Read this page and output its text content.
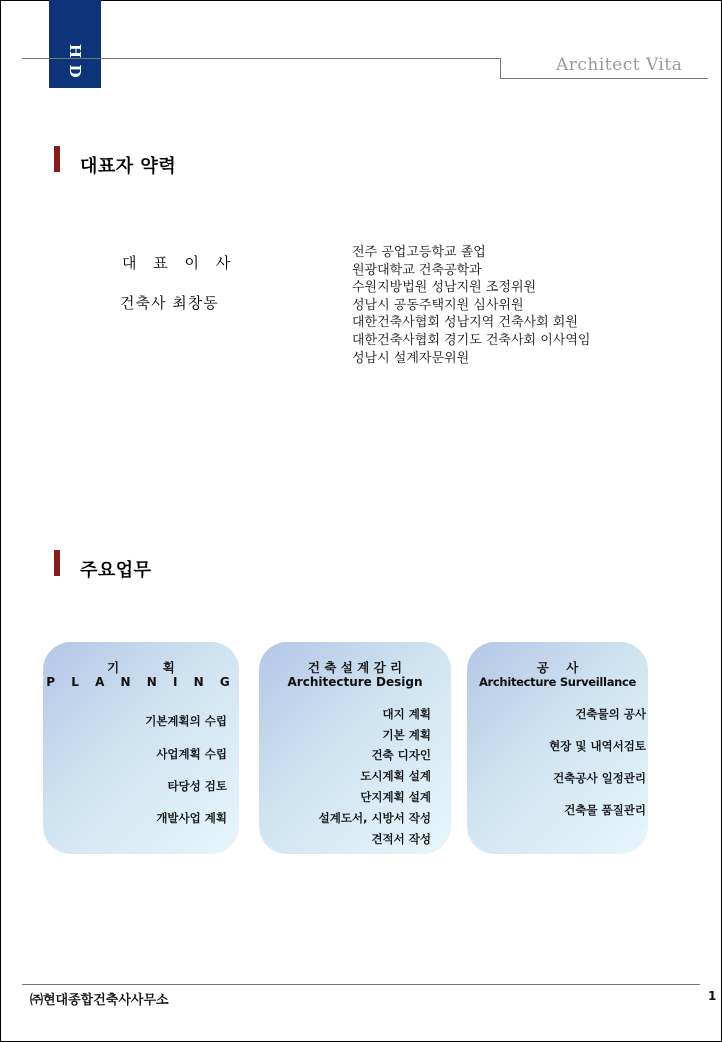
H
D	Architect Vita
대표자 약력
대 표 이 사
건축사 최창동
전주 공업고등학교 졸업
원광대학교 건축공학과
수원지방법원 성남지원 조정위원
성남시 공동주택지원 심사위원
대한건축사협회 성남지역 건축사회 회원
대한건축사협회 경기도 건축사회 이사역임
성남시 설계자문위원
주요업무
기          획
P L A N N I N G
기본계획의 수립
사업계획 수립
타당성 검토
개발사업 계획
건 축 설 계 감 리
Architecture Design
대지 계획
기본 계획
건축 디자인
도시계획 설계
단지계획 설계
설계도서, 시방서 작성
견적서 작성
공    사
Architecture Surveillance
건축물의 공사
현장 및 내역서검토
건축공사 일정관리
건축물 품질관리
㈜현대종합건축사사무소	1
